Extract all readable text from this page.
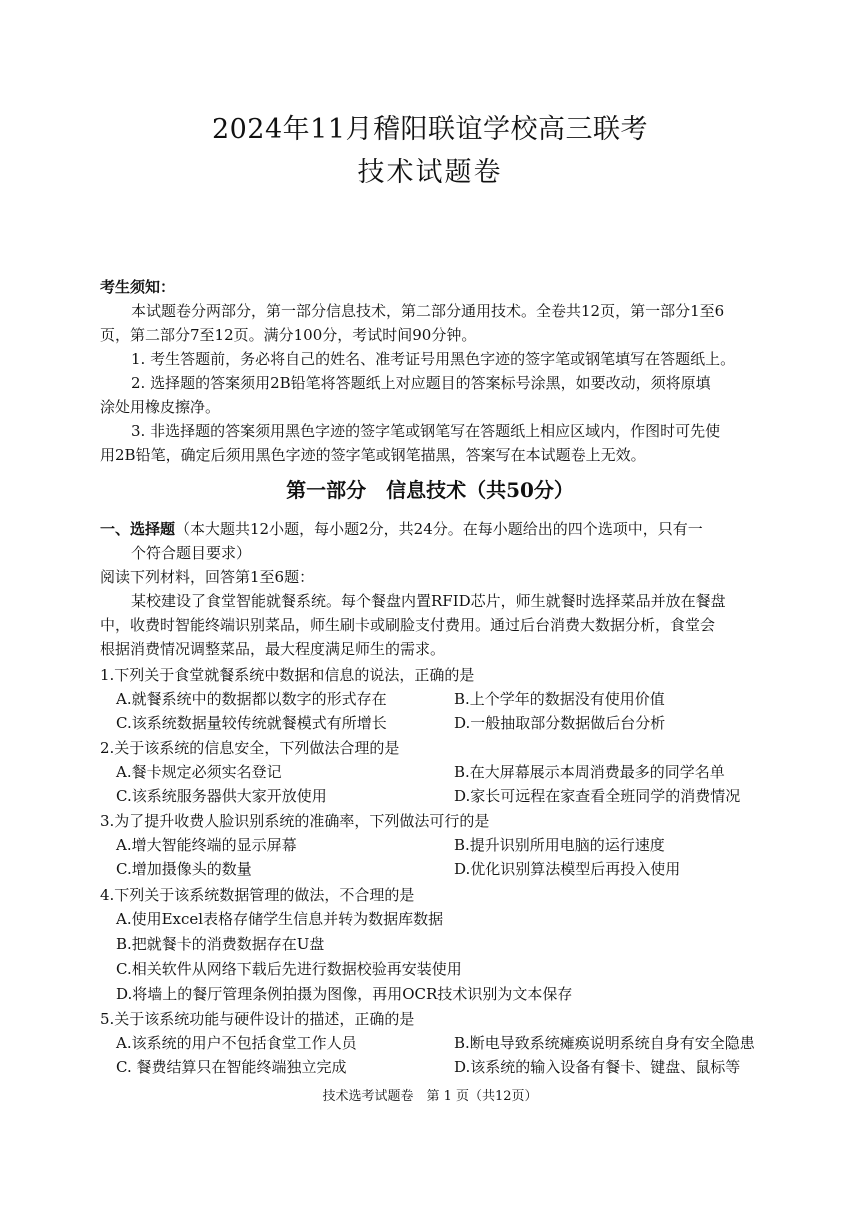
2024年11月稽阳联谊学校高三联考
技术试题卷
考生须知：
本试题卷分两部分，第一部分信息技术，第二部分通用技术。全卷共12页，第一部分1至6
页，第二部分7至12页。满分100分，考试时间90分钟。
1. 考生答题前，务必将自己的姓名、准考证号用黑色字迹的签字笔或钢笔填写在答题纸上。
2. 选择题的答案须用2B铅笔将答题纸上对应题目的答案标号涂黑，如要改动，须将原填
涂处用橡皮擦净。
3. 非选择题的答案须用黑色字迹的签字笔或钢笔写在答题纸上相应区域内，作图时可先使
用2B铅笔，确定后须用黑色字迹的签字笔或钢笔描黑，答案写在本试题卷上无效。
第一部分　信息技术（共50分）
一、选择题（本大题共12小题，每小题2分，共24分。在每小题给出的四个选项中，只有一
个符合题目要求）
阅读下列材料，回答第1至6题：
某校建设了食堂智能就餐系统。每个餐盘内置RFID芯片，师生就餐时选择菜品并放在餐盘
中，收费时智能终端识别菜品，师生刷卡或刷脸支付费用。通过后台消费大数据分析，食堂会
根据消费情况调整菜品，最大程度满足师生的需求。
1.下列关于食堂就餐系统中数据和信息的说法，正确的是
A.就餐系统中的数据都以数字的形式存在	B.上个学年的数据没有使用价值
C.该系统数据量较传统就餐模式有所增长	D.一般抽取部分数据做后台分析
2.关于该系统的信息安全，下列做法合理的是
A.餐卡规定必须实名登记	B.在大屏幕展示本周消费最多的同学名单
C.该系统服务器供大家开放使用	D.家长可远程在家查看全班同学的消费情况
3.为了提升收费人脸识别系统的准确率，下列做法可行的是
A.增大智能终端的显示屏幕	B.提升识别所用电脑的运行速度
C.增加摄像头的数量	D.优化识别算法模型后再投入使用
4.下列关于该系统数据管理的做法，不合理的是
A.使用Excel表格存储学生信息并转为数据库数据
B.把就餐卡的消费数据存在U盘
C.相关软件从网络下载后先进行数据校验再安装使用
D.将墙上的餐厅管理条例拍摄为图像，再用OCR技术识别为文本保存
5.关于该系统功能与硬件设计的描述，正确的是
A.该系统的用户不包括食堂工作人员	B.断电导致系统瘫痪说明系统自身有安全隐患
C. 餐费结算只在智能终端独立完成	D.该系统的输入设备有餐卡、键盘、鼠标等
技术选考试题卷　第 1 页（共12页）
